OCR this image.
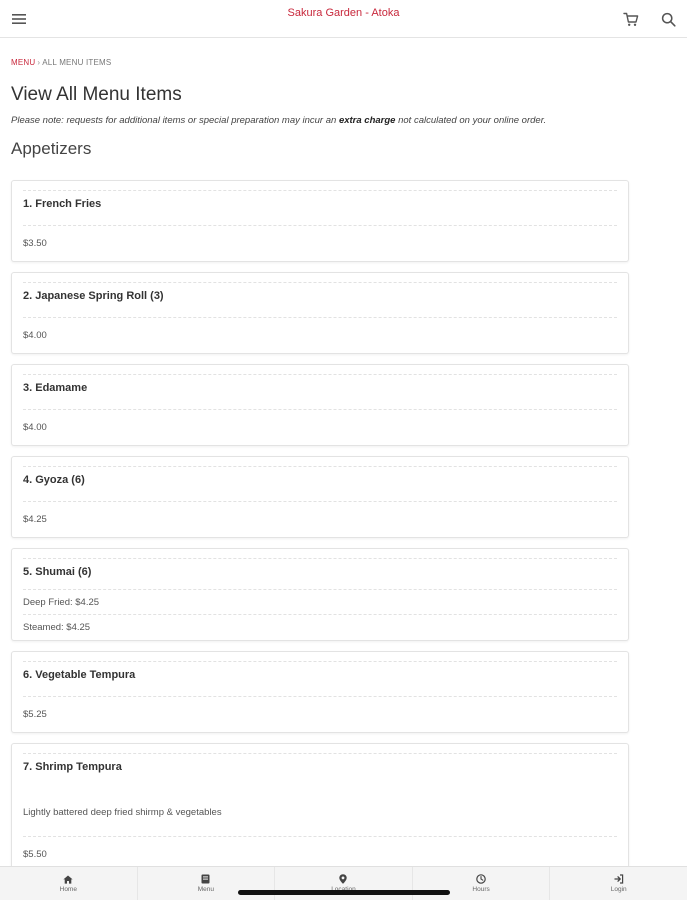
Sakura Garden - Atoka
MENU › ALL MENU ITEMS
View All Menu Items

Please note: requests for additional items or special preparation may incur an extra charge not calculated on your online order.

Appetizers
1. French Fries
$3.50
2. Japanese Spring Roll (3)
$4.00
3. Edamame
$4.00
4. Gyoza (6)
$4.25
5. Shumai (6)
Deep Fried: $4.25
Steamed: $4.25
6. Vegetable Tempura
$5.25
7. Shrimp Tempura
Lightly battered deep fried shirmp & vegetables
$5.50
Home	Menu	Hours	Login
